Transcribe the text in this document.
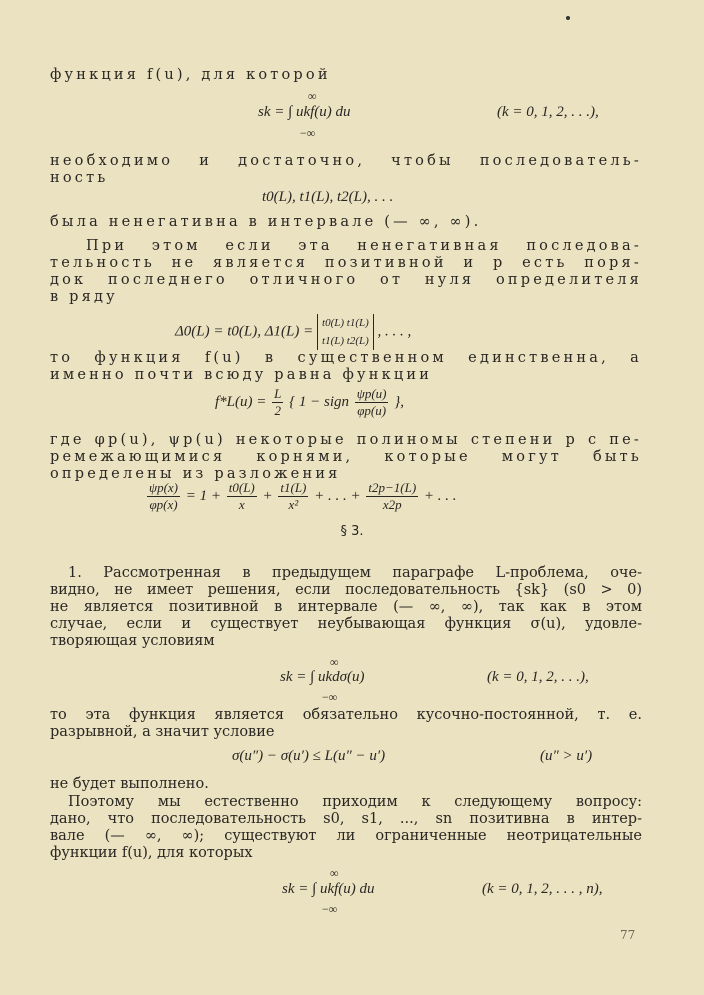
функция f(u), для которой
∞
sk = ∫ ukf(u) du	(k = 0, 1, 2, . . .),
−∞
необходимо и достаточно, чтобы последователь-
ность
t0(L), t1(L), t2(L), . . .
была ненегативна в интервале (— ∞, ∞).
При этом если эта ненегативная последова-
тельность не является позитивной и p есть поря-
док последнего отличного от нуля определителя
в ряду
Δ0(L) = t0(L), Δ1(L) =
t0(L) t1(L)
t1(L) t2(L)
, . . . ,
то функция f(u) в существенном единственна, а
именно почти всюду равна функции
$f*L(u) = \frac{L}{2}$ { 1 − sign $\frac{\psi p(u)}{\varphi p(u)}$ },
где φp(u), ψp(u) некоторые полиномы степени p с пе-
ремежающимися корнями, которые могут быть
определены из разложения
$\frac{\psi p(x)}{\varphi p(x)} = 1 + \frac{t0(L)}{x} + \frac{t1(L)}{\text{x²}}$ + . . . + $\frac{t2p-1(L)}{x2p}$ + . . .
§ 3.
1. Рассмотренная в предыдущем параграфе L-проблема, оче-
видно, не имеет решения, если последовательность {sk} (s0 > 0)
не является позитивной в интервале (— ∞, ∞), так как в этом
случае, если и существует неубывающая функция σ(u), удовле-
творяющая условиям
∞
sk = ∫ ukdσ(u)	(k = 0, 1, 2, . . .),
−∞
то эта функция является обязательно кусочно-постоянной, т. е.
разрывной, а значит условие
σ(u″) − σ(u′) ≤ L(u″ − u′)	(u″ > u′)
не будет выполнено.
Поэтому мы естественно приходим к следующему вопросу:
дано, что последовательность s0, s1, ..., sn позитивна в интер-
вале (— ∞, ∞); существуют ли ограниченные неотрицательные
функции f(u), для которых
∞
sk = ∫ ukf(u) du	(k = 0, 1, 2, . . . , n),
−∞
77
